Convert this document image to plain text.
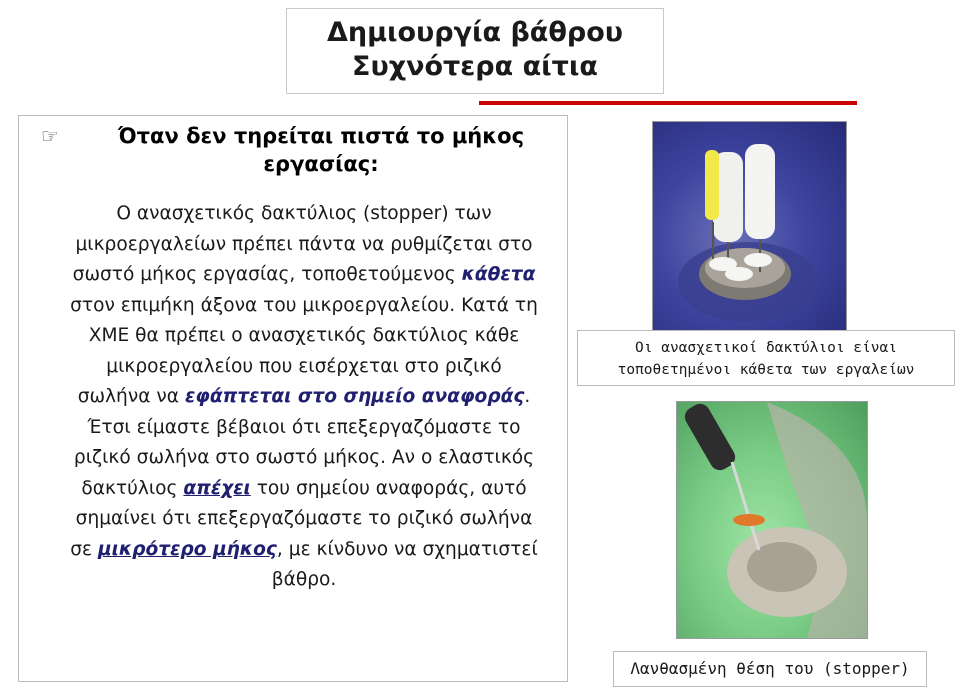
Δημιουργία βάθρου
Συχνότερα αίτια
☞	Όταν δεν τηρείται πιστά το μήκος εργασίας:
Ο ανασχετικός δακτύλιος (stopper) των μικροεργαλείων πρέπει πάντα να ρυθμίζεται στο σωστό μήκος εργασίας, τοποθετούμενος κάθετα στον επιμήκη άξονα του μικροεργαλείου. Κατά τη ΧΜΕ θα πρέπει ο ανασχετικός δακτύλιος κάθε μικροεργαλείου που εισέρχεται στο ριζικό σωλήνα να εφάπτεται στο σημείο αναφοράς. Έτσι είμαστε βέβαιοι ότι επεξεργαζόμαστε το ριζικό σωλήνα στο σωστό μήκος. Αν ο ελαστικός δακτύλιος απέχει του σημείου αναφοράς, αυτό σημαίνει ότι επεξεργαζόμαστε το ριζικό σωλήνα σε μικρότερο μήκος, με κίνδυνο να σχηματιστεί βάθρο.
Οι ανασχετικοί δακτύλιοι είναι τοποθετημένοι κάθετα των εργαλείων
Λανθασμένη θέση του (stopper)
